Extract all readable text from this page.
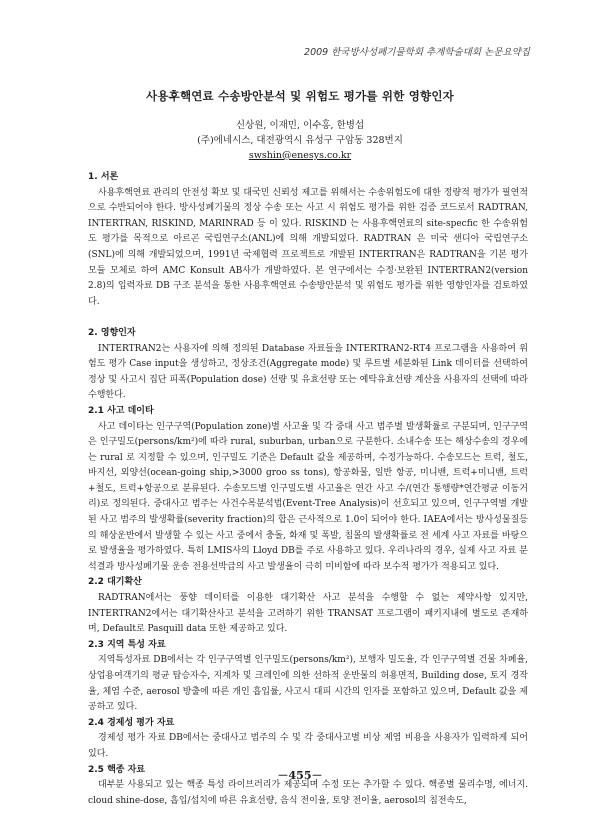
2009 한국방사성폐기물학회 추계학술대회 논문요약집
사용후핵연료 수송방안분석 및 위험도 평가를 위한 영향인자
신상원, 이재민, 이수홍, 한병섭
(주)에네시스, 대전광역시 유성구 구암동 328번지
swshin@enesys.co.kr

1. 서론

사용후핵연료 관리의 안전성 확보 및 대국민 신뢰성 제고를 위해서는 수송위험도에 대한 정량적 평가가 필연적으로 수반되어야 한다. 방사성폐기물의 정상 수송 또는 사고 시 위험도 평가를 위한 검증 코드로서 RADTRAN, INTERTRAN, RISKIND, MARINRAD 등 이 있다. RISKIND 는 사용후핵연료의 site-specfic 한 수송위험도 평가를 목적으로 아르곤 국립연구소(ANL)에 의해 개발되었다. RADTRAN 은 미국 샌디아 국립연구소(SNL)에 의해 개발되었으며, 1991년 국제협력 프로젝트로 개발된 INTERTRAN은 RADTRAN을 기본 평가 모듈 모체로 하여 AMC Konsult AB사가 개발하였다. 본 연구에서는 수정·보완된 INTERTRAN2(version 2.8)의 입력자료 DB 구조 분석을 통한 사용후핵연료 수송방안분석 및 위험도 평가를 위한 영향인자를 검토하였다.

2. 영향인자

INTERTRAN2는 사용자에 의해 정의된 Database 자료들을 INTERTRAN2-RT4 프로그램을 사용하여 위험도 평가 Case input을 생성하고, 정상조건(Aggregate mode) 및 루트별 세분화된 Link 데이터를 선택하여 정상 및 사고시 집단 피폭(Population dose) 선량 및 유효선량 또는 예탁유효선량 계산을 사용자의 선택에 따라 수행한다.

2.1 사고 데이타

사고 데이타는 인구구역(Population zone)별 사고율 및 각 중대 사고 범주별 발생확률로 구분되며, 인구구역은 인구밀도(persons/km²)에 따라 rural, suburban, urban으로 구분한다. 소내수송 또는 해상수송의 경우에는 rural 로 지정할 수 있으며, 인구밀도 기준은 Default 값을 제공하며, 수정가능하다. 수송모드는 트럭, 철도, 바지선, 외양선(ocean-going ship,>3000 groo ss tons), 항공화물, 일반 항공, 미니밴, 트럭+미니밴, 트럭+철도, 트럭+항공으로 분류된다. 수송모드별 인구밀도별 사고율은 연간 사고 수/(연간 통행량*연간평균 이동거리)로 정의된다. 중대사고 범주는 사건수목분석법(Event-Tree Analysis)이 선호되고 있으며, 인구구역별 개발된 사고 범주의 발생확률(severity fraction)의 합은 근사적으로 1.0이 되어야 한다. IAEA에서는 방사성물질등의 해상운반에서 발생할 수 있는 사고 중에서 충돌, 화재 및 폭발, 침몰의 발생확률로 전 세계 사고 자료를 바탕으로 발생율을 평가하였다. 특히 LMIS사의 Lloyd DB를 주로 사용하고 있다. 우리나라의 경우, 실제 사고 자료 분석결과 방사성폐기물 운송 전용선박급의 사고 발생율이 극히 미비함에 따라 보수적 평가가 적용되고 있다.

2.2 대기확산

RADTRAN에서는 풍향 데이터를 이용한 대기확산 사고 분석을 수행할 수 없는 제약사항 있지만, INTERTRAN2에서는 대기확산사고 분석을 고려하기 위한 TRANSAT 프로그램이 패키지내에 별도로 존재하며, Default로 Pasquill data 또한 제공하고 있다.

2.3 지역 특성 자료

지역특성자료 DB에서는 각 인구구역별 인구밀도(persons/km²), 보행자 밀도율, 각 인구구역별 건물 차폐율, 상업용여객기의 평균 탑승자수, 지계차 및 크레인에 의한 선하적 운반물의 허용면적, Building dose, 토지 경작율, 체염 수준, aerosol 방출에 따른 개인 흡입률, 사고시 대피 시간의 인자를 포함하고 있으며, Default 값을 제공하고 있다.

2.4 경제성 평가 자료

경제성 평가 자료 DB에서는 중대사고 범주의 수 및 각 중대사고별 비상 제염 비용을 사용자가 입력하게 되어 있다.

2.5 핵종 자료

대부분 사용되고 있는 핵종 특성 라이브러리가 제공되며 수정 또는 추가할 수 있다. 핵종별 물리수명, 에너지. cloud shine-dose, 흡입/섭치에 따른 유효선량, 음식 전이율, 토양 전이율, aerosol의 침전속도,

－455－
